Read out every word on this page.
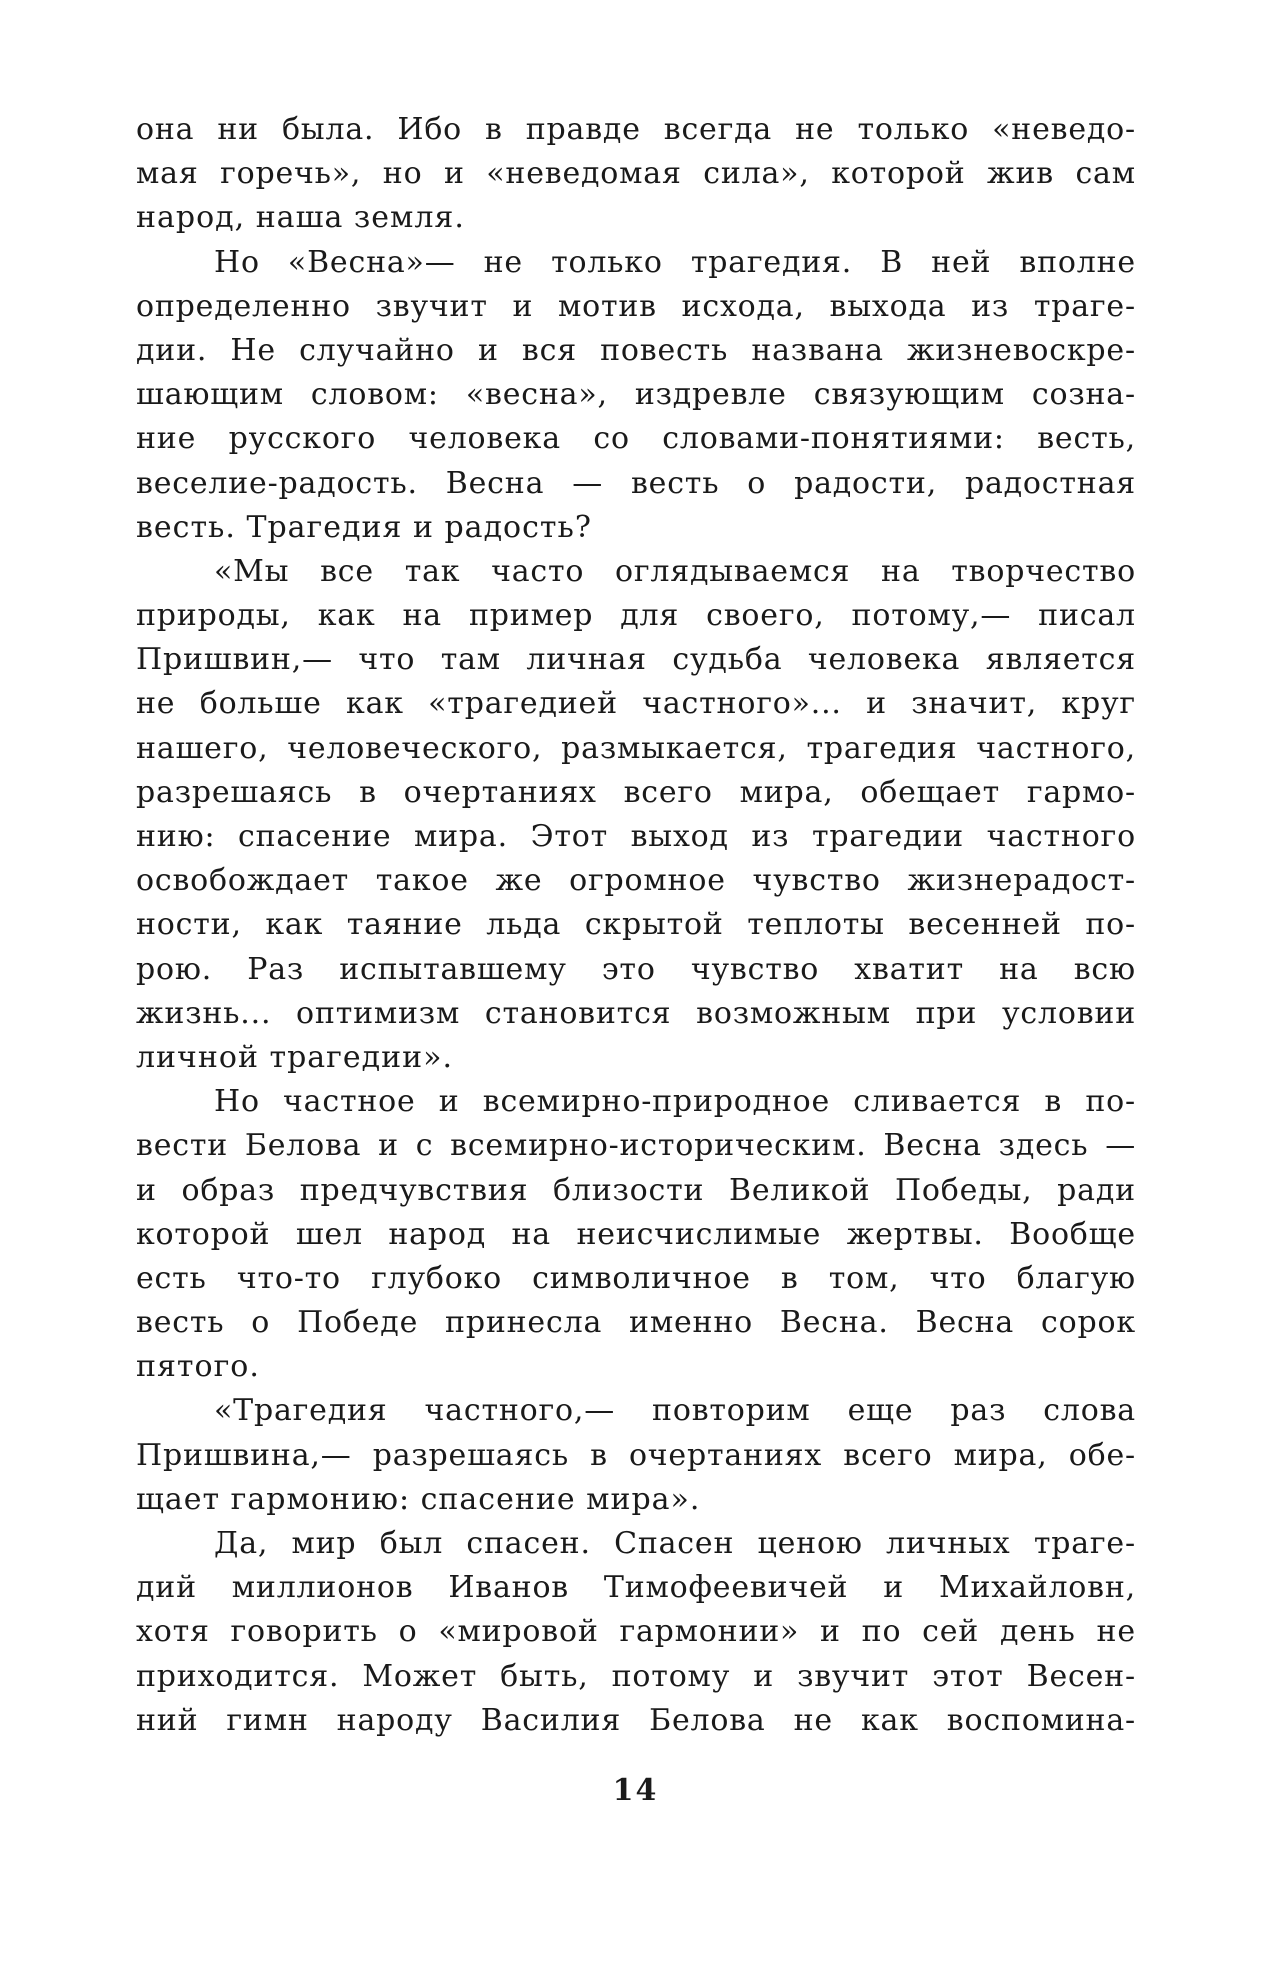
она ни была. Ибо в правде всегда не только «неведо-
мая горечь», но и «неведомая сила», которой жив сам
народ, наша земля.
Но «Весна»— не только трагедия. В ней вполне
определенно звучит и мотив исхода, выхода из траге-
дии. Не случайно и вся повесть названа жизневоскре-
шающим словом: «весна», издревле связующим созна-
ние русского человека со словами-понятиями: весть,
веселие-радость. Весна — весть о радости, радостная
весть. Трагедия и радость?
«Мы все так часто оглядываемся на творчество
природы, как на пример для своего, потому,— писал
Пришвин,— что там личная судьба человека является
не больше как «трагедией частного»... и значит, круг
нашего, человеческого, размыкается, трагедия частного,
разрешаясь в очертаниях всего мира, обещает гармо-
нию: спасение мира. Этот выход из трагедии частного
освобождает такое же огромное чувство жизнерадост-
ности, как таяние льда скрытой теплоты весенней по-
рою. Раз испытавшему это чувство хватит на всю
жизнь... оптимизм становится возможным при условии
личной трагедии».
Но частное и всемирно-природное сливается в по-
вести Белова и с всемирно-историческим. Весна здесь —
и образ предчувствия близости Великой Победы, ради
которой шел народ на неисчислимые жертвы. Вообще
есть что-то глубоко символичное в том, что благую
весть о Победе принесла именно Весна. Весна сорок
пятого.
«Трагедия частного,— повторим еще раз слова
Пришвина,— разрешаясь в очертаниях всего мира, обе-
щает гармонию: спасение мира».
Да, мир был спасен. Спасен ценою личных траге-
дий миллионов Иванов Тимофеевичей и Михайловн,
хотя говорить о «мировой гармонии» и по сей день не
приходится. Может быть, потому и звучит этот Весен-
ний гимн народу Василия Белова не как воспомина-
14
